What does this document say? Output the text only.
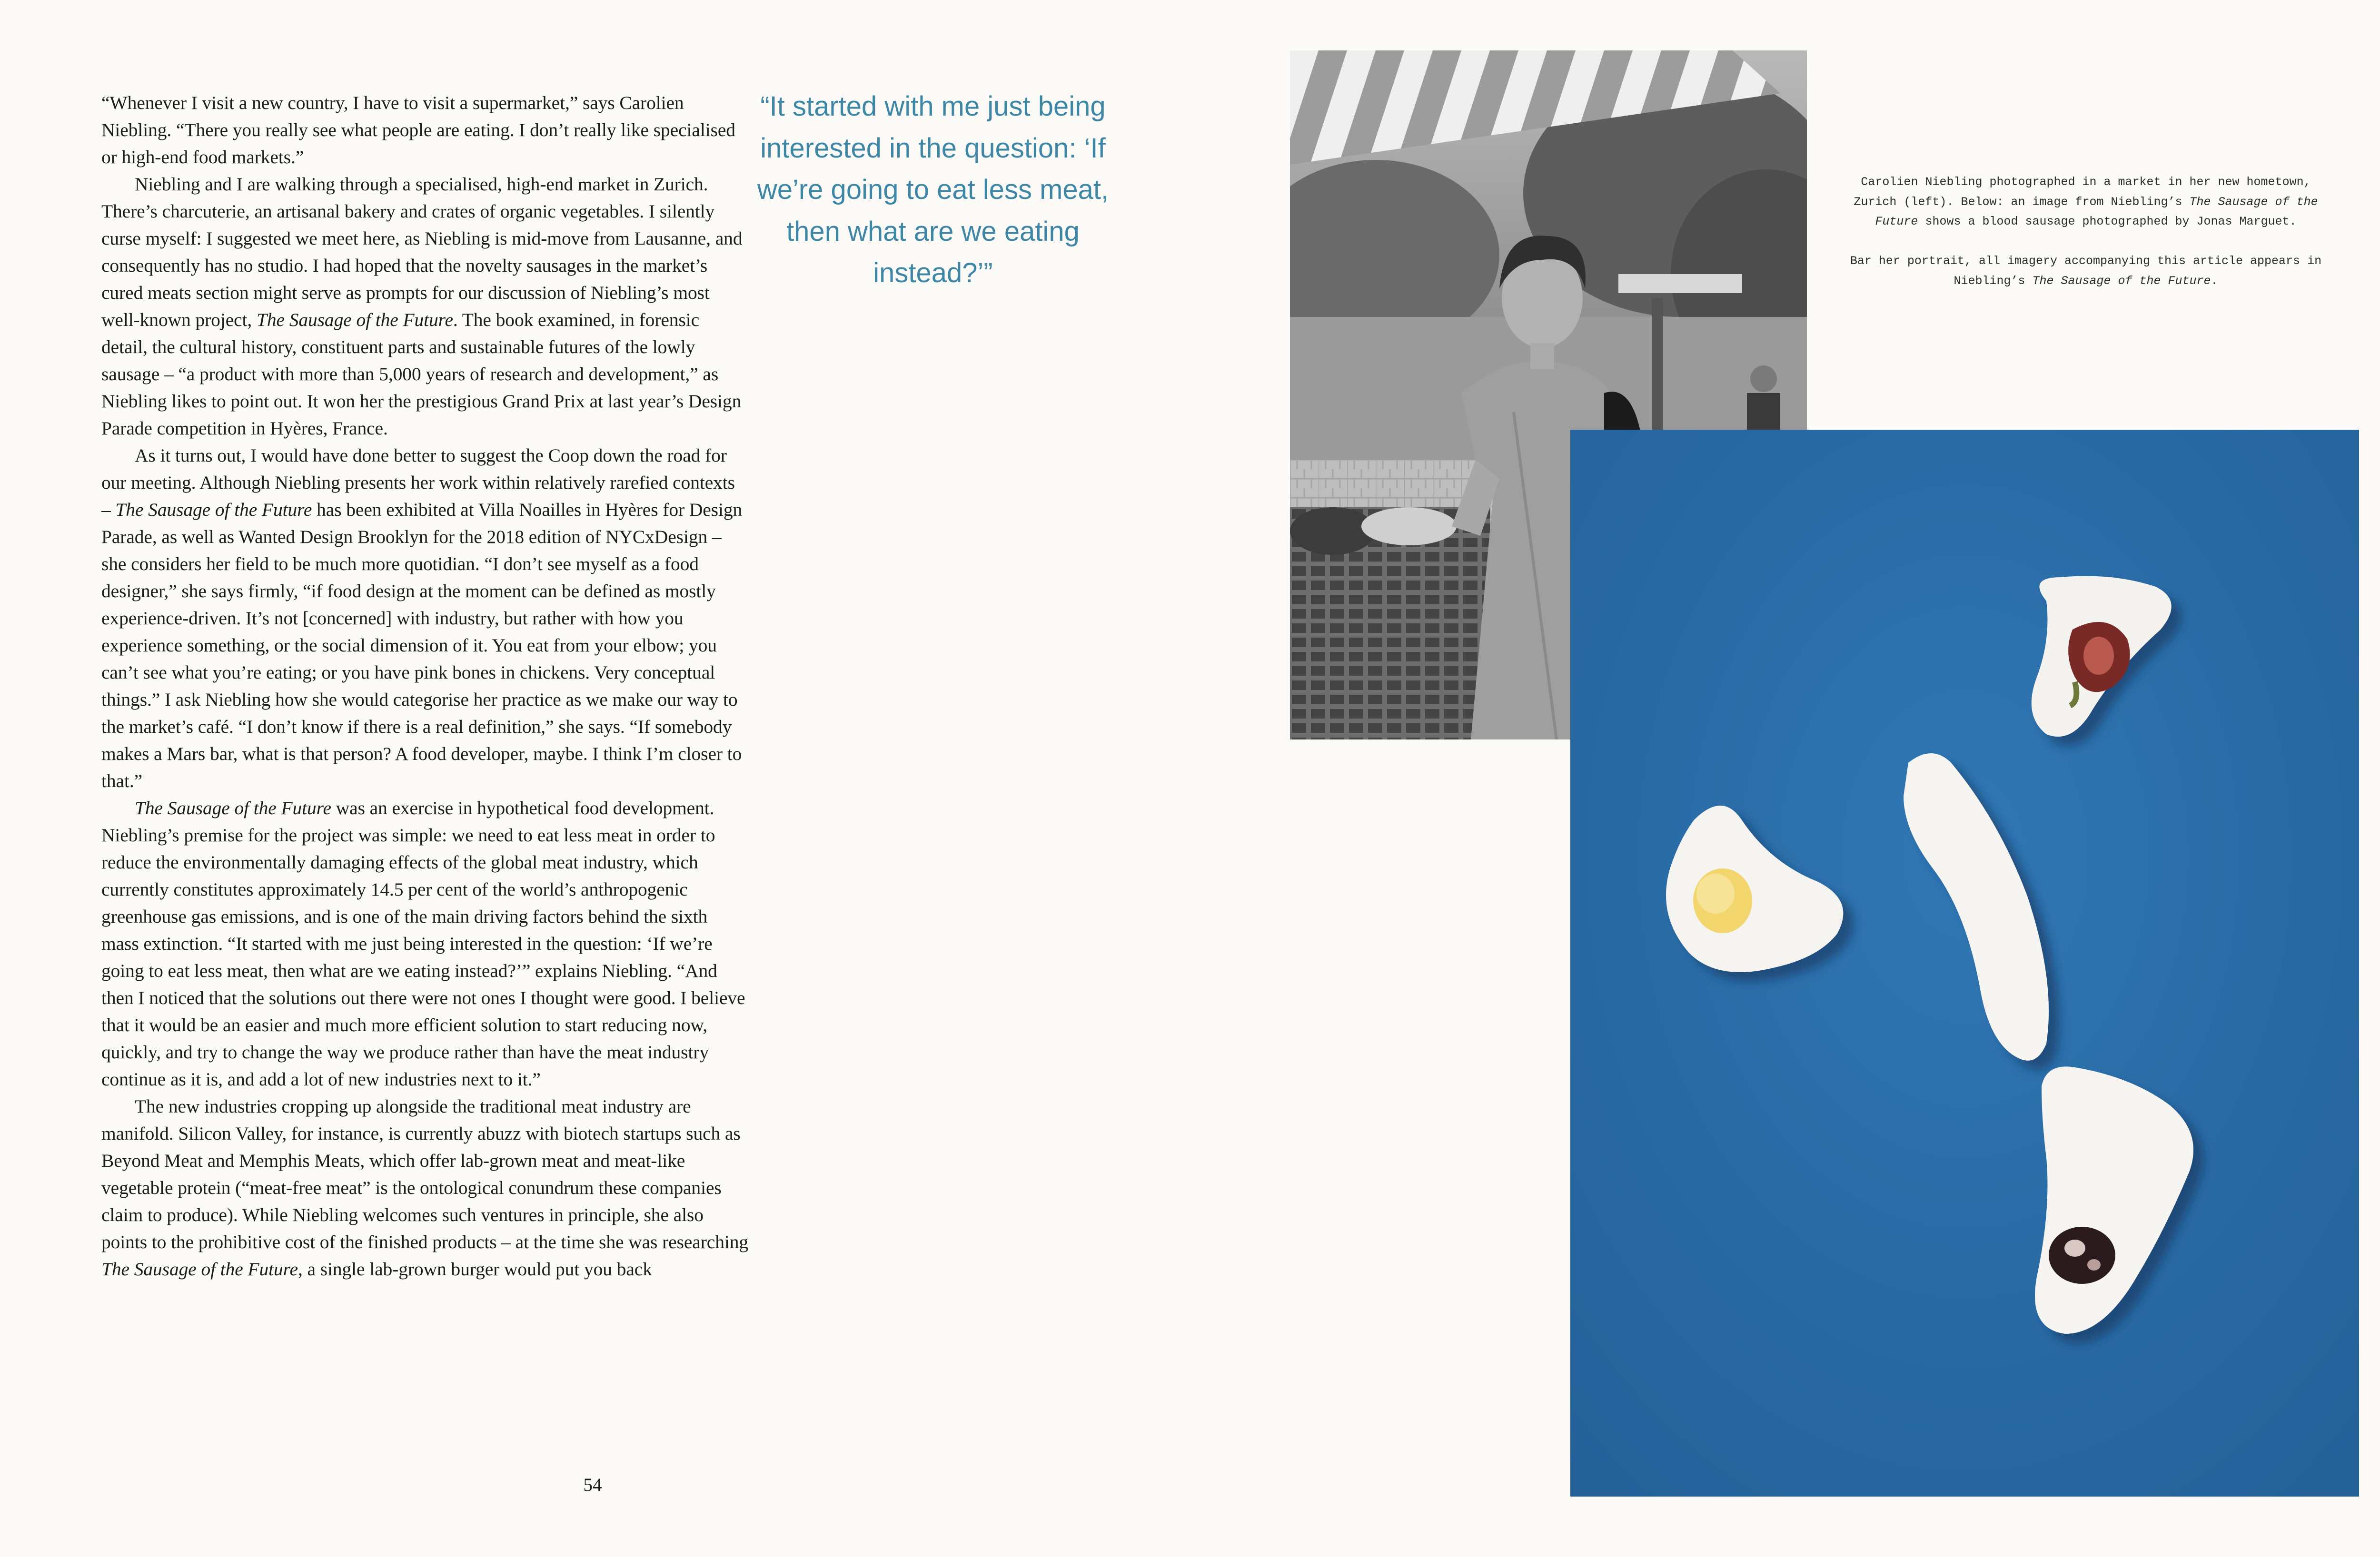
“Whenever I visit a new country, I have to visit a supermarket,” says Carolien Niebling. “There you really see what people are eating. I don’t really like specialised or high-end food markets.”

Niebling and I are walking through a specialised, high-end market in Zurich. There’s charcuterie, an artisanal bakery and crates of organic vegetables. I silently curse myself: I suggested we meet here, as Niebling is mid-move from Lausanne, and consequently has no studio. I had hoped that the novelty sausages in the market’s cured meats section might serve as prompts for our discussion of Niebling’s most well-known project, The Sausage of the Future. The book examined, in forensic detail, the cultural history, constituent parts and sustainable futures of the lowly sausage – “a product with more than 5,000 years of research and development,” as Niebling likes to point out. It won her the prestigious Grand Prix at last year’s Design Parade competition in Hyères, France.

As it turns out, I would have done better to suggest the Coop down the road for our meeting. Although Niebling presents her work within relatively rarefied contexts – The Sausage of the Future has been exhibited at Villa Noailles in Hyères for Design Parade, as well as Wanted Design Brooklyn for the 2018 edition of NYCxDesign – she considers her field to be much more quotidian. “I don’t see myself as a food designer,” she says firmly, “if food design at the moment can be defined as mostly experience-driven. It’s not [concerned] with industry, but rather with how you experience something, or the social dimension of it. You eat from your elbow; you can’t see what you’re eating; or you have pink bones in chickens. Very conceptual things.” I ask Niebling how she would categorise her practice as we make our way to the market’s café. “I don’t know if there is a real definition,” she says. “If somebody makes a Mars bar, what is that person? A food developer, maybe. I think I’m closer to that.”

The Sausage of the Future was an exercise in hypothetical food development. Niebling’s premise for the project was simple: we need to eat less meat in order to reduce the environmentally damaging effects of the global meat industry, which currently constitutes approximately 14.5 per cent of the world’s anthropogenic greenhouse gas emissions, and is one of the main driving factors behind the sixth mass extinction. “It started with me just being interested in the question: ‘If we’re going to eat less meat, then what are we eating instead?’” explains Niebling. “And then I noticed that the solutions out there were not ones I thought were good. I believe that it would be an easier and much more efficient solution to start reducing now, quickly, and try to change the way we produce rather than have the meat industry continue as it is, and add a lot of new industries next to it.”

The new industries cropping up alongside the traditional meat industry are manifold. Silicon Valley, for instance, is currently abuzz with biotech startups such as Beyond Meat and Memphis Meats, which offer lab-grown meat and meat-like vegetable protein (“meat-free meat” is the ontological conundrum these companies claim to produce). While Niebling welcomes such ventures in principle, she also points to the prohibitive cost of the finished products – at the time she was researching The Sausage of the Future, a single lab-grown burger would put you back

“It started with me just being interested in the question: ‘If we’re going to eat less meat, then what are we eating instead?’”
54

Carolien Niebling photographed in a market in her new hometown, Zurich (left). Below: an image from Niebling’s The Sausage of the Future shows a blood sausage photographed by Jonas Marguet.

Bar her portrait, all imagery accompanying this article appears in Niebling’s The Sausage of the Future.
